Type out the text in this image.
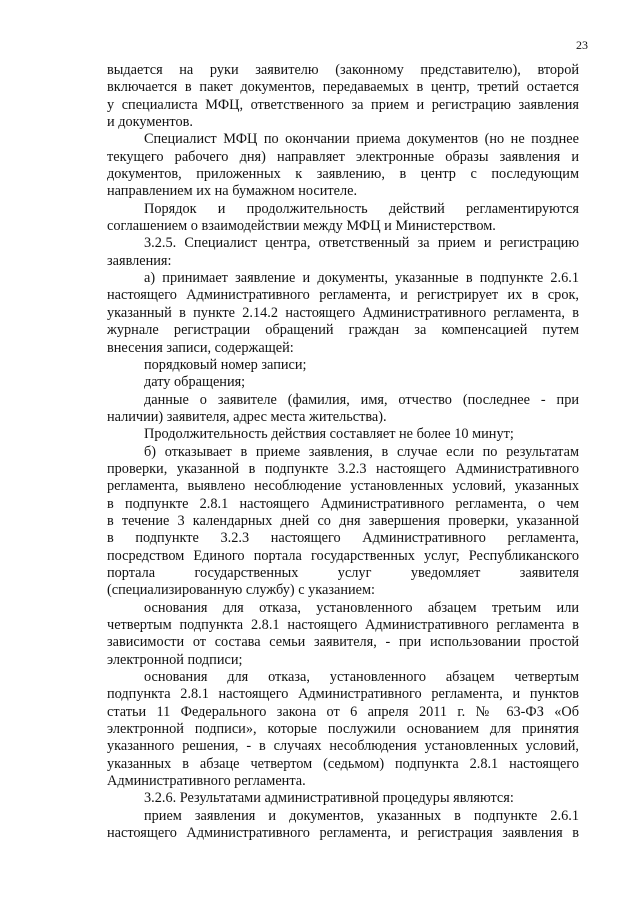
23
выдается на руки заявителю (законному представителю), второй
включается в пакет документов, передаваемых в центр, третий остается
у специалиста МФЦ, ответственного за прием и регистрацию заявления
и документов.
Специалист МФЦ по окончании приема документов (но не позднее
текущего рабочего дня) направляет электронные образы заявления и
документов, приложенных к заявлению, в центр с последующим
направлением их на бумажном носителе.
Порядок и продолжительность действий регламентируются
соглашением о взаимодействии между МФЦ и Министерством.
3.2.5. Специалист центра, ответственный за прием и регистрацию
заявления:
а) принимает заявление и документы, указанные в подпункте 2.6.1
настоящего Административного регламента, и регистрирует их в срок,
указанный в пункте 2.14.2 настоящего Административного регламента, в
журнале регистрации обращений граждан за компенсацией путем
внесения записи, содержащей:
порядковый номер записи;
дату обращения;
данные о заявителе (фамилия, имя, отчество (последнее - при
наличии) заявителя, адрес места жительства).
Продолжительность действия составляет не более 10 минут;
б) отказывает в приеме заявления, в случае если по результатам
проверки, указанной в подпункте 3.2.3 настоящего Административного
регламента, выявлено несоблюдение установленных условий, указанных
в подпункте 2.8.1 настоящего Административного регламента, о чем
в течение 3 календарных дней со дня завершения проверки, указанной
в подпункте 3.2.3 настоящего Административного регламента,
посредством Единого портала государственных услуг, Республиканского
портала государственных услуг уведомляет заявителя
(специализированную службу) с указанием:
основания для отказа, установленного абзацем третьим или
четвертым подпункта 2.8.1 настоящего Административного регламента в
зависимости от состава семьи заявителя, - при использовании простой
электронной подписи;
основания для отказа, установленного абзацем четвертым
подпункта 2.8.1 настоящего Административного регламента, и пунктов
статьи 11 Федерального закона от 6 апреля 2011 г. № 63-ФЗ «Об
электронной подписи», которые послужили основанием для принятия
указанного решения, - в случаях несоблюдения установленных условий,
указанных в абзаце четвертом (седьмом) подпункта 2.8.1 настоящего
Административного регламента.
3.2.6. Результатами административной процедуры являются:
прием заявления и документов, указанных в подпункте 2.6.1
настоящего Административного регламента, и регистрация заявления в
